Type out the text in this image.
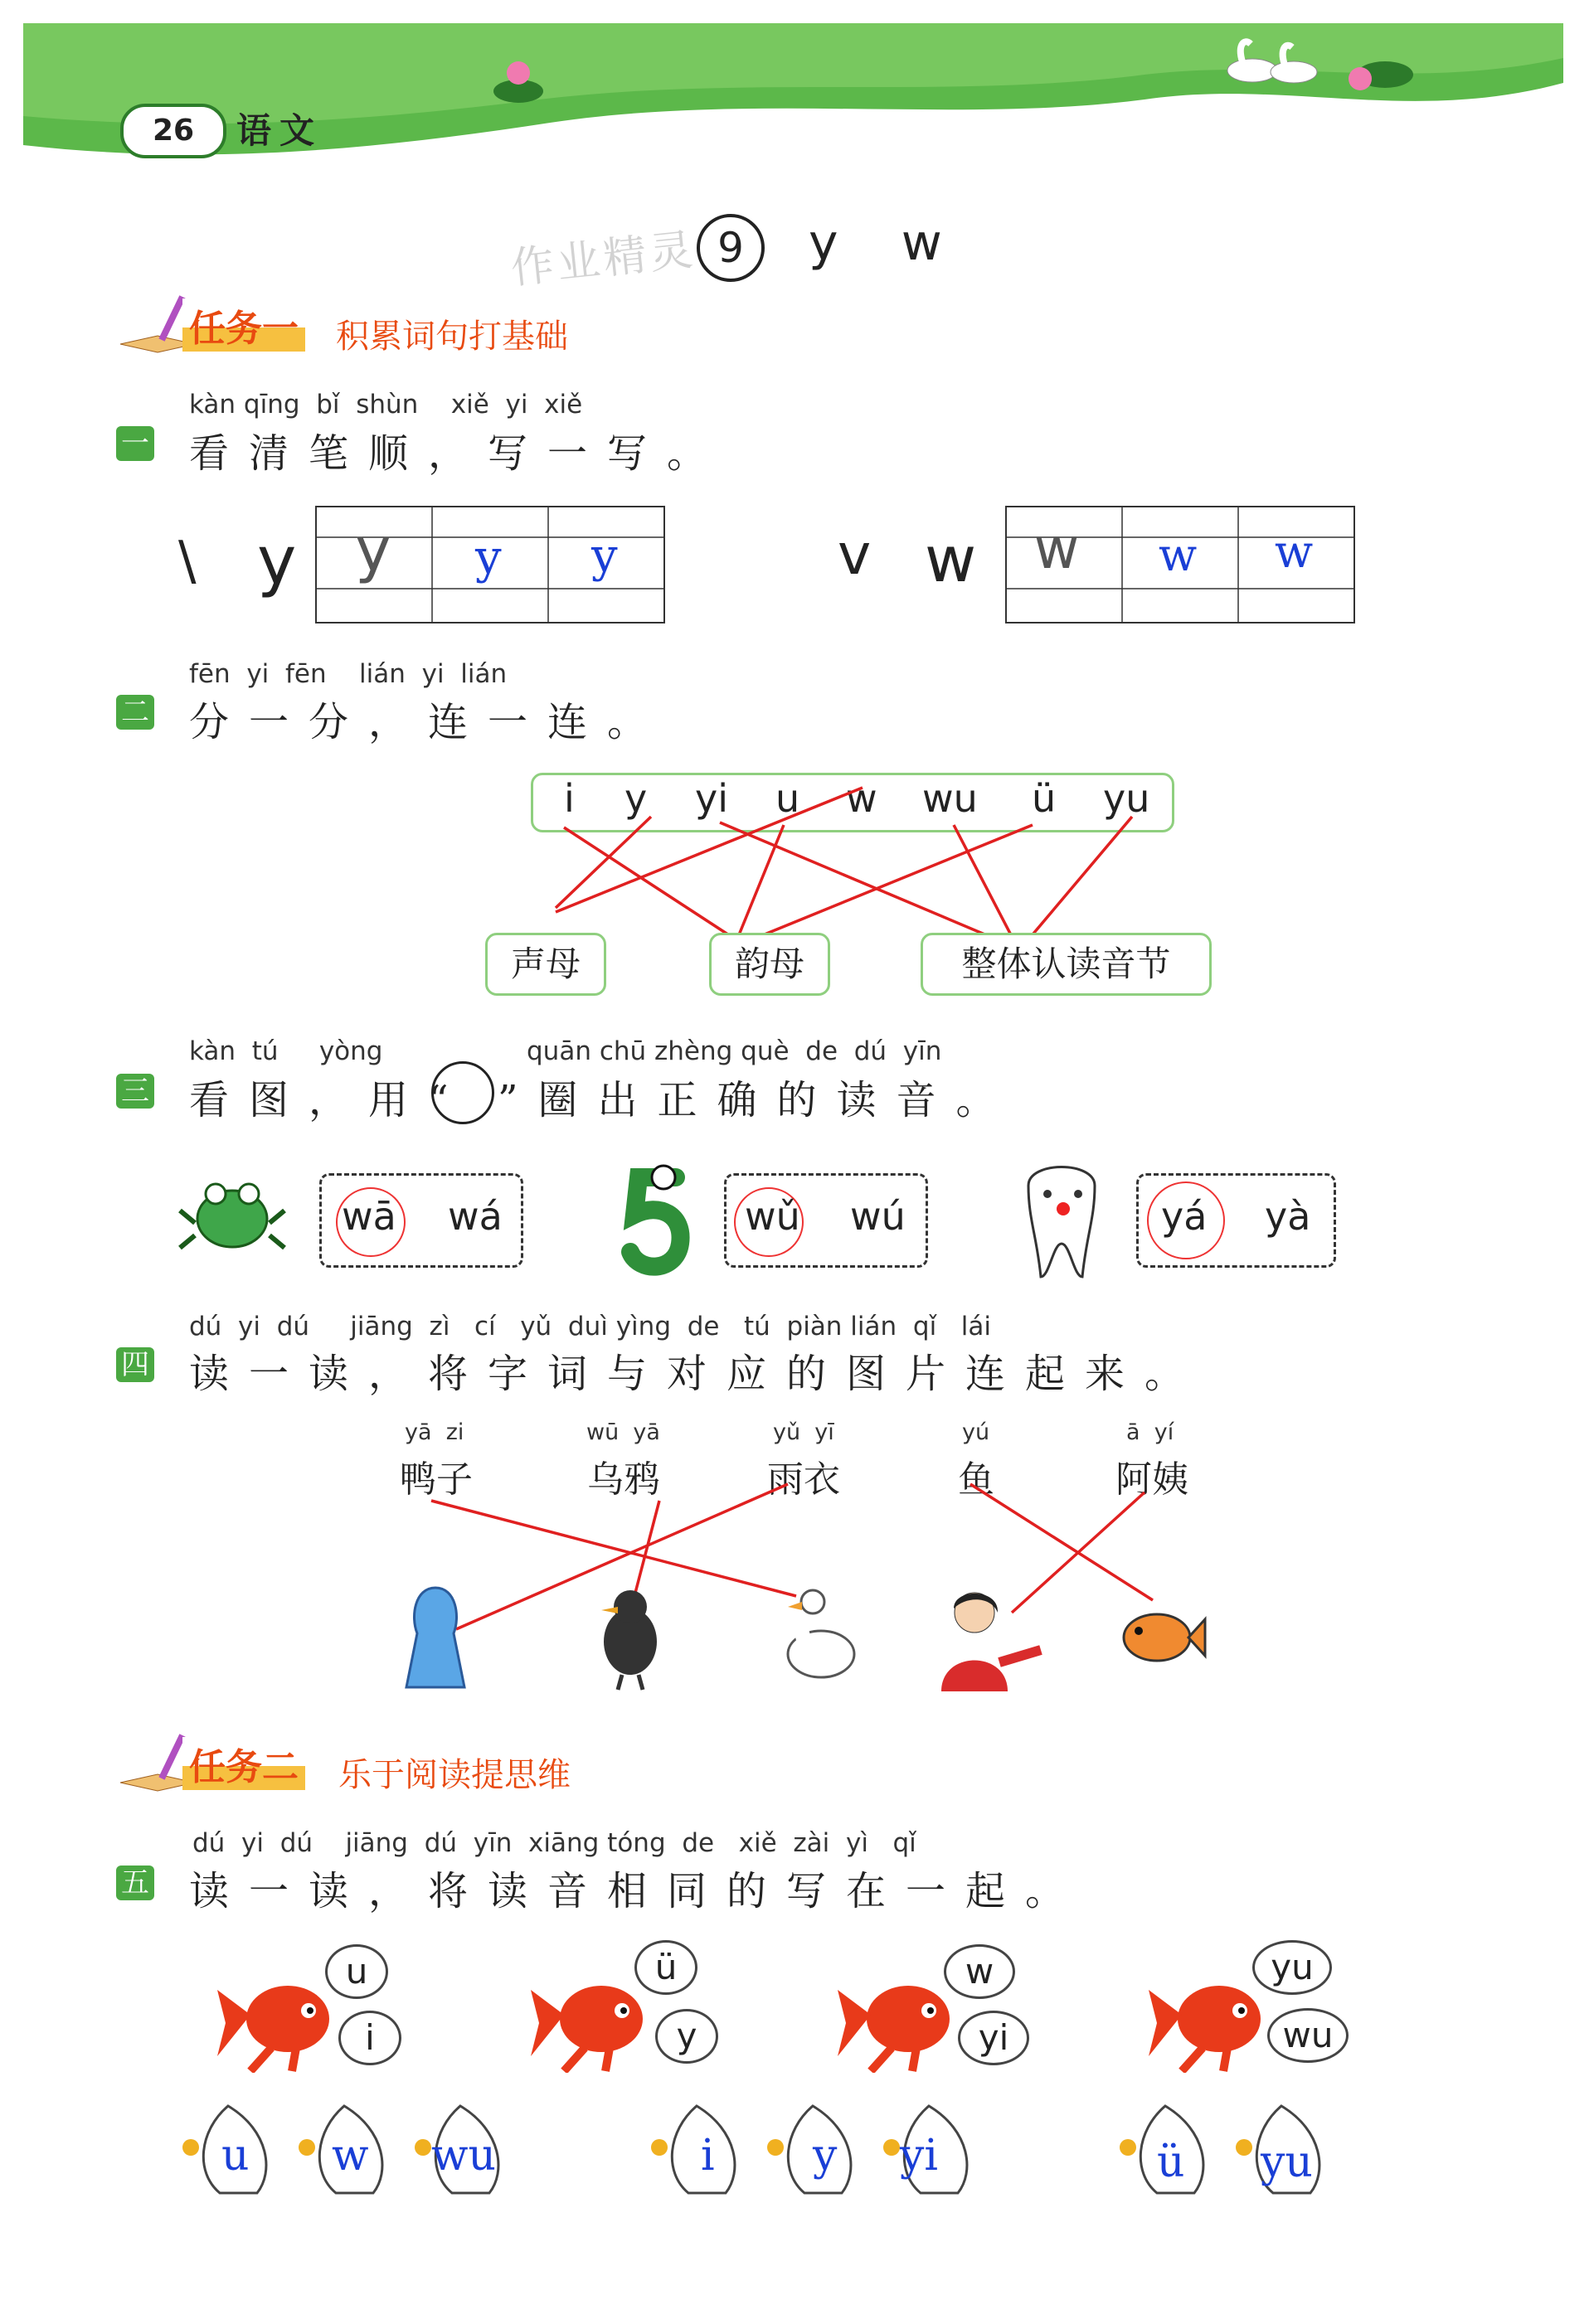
26	语文
作业精灵 9	y    w
任务一 积累词句打基础
kàn qīng  bǐ  shùn    xiě  yi  xiě
一 看清笔顺，写一写。
\ y y y y	v w w w w
fēn  yi  fēn    lián  yi  lián
二 分一分，连一连。
i y yi u w wu ü yu
声母	韵母	整体认读音节
kàn  tú     yòng	quān chū zhèng què  de  dú  yīn
三 看图，用“ ”圈出正确的读音。
wā wá	wǔ wú	yá yà
dú  yi  dú     jiāng  zì   cí   yǔ  duì yìng  de   tú  piàn lián  qǐ   lái
四 读一读，将字词与对应的图片连起来。
yā  zi
鸭子
wū  yā
乌鸦
yǔ  yī
雨衣
yú
鱼
ā  yí
阿姨
任务二 乐于阅读提思维
dú  yi  dú    jiāng  dú  yīn  xiāng tóng  de   xiě  zài  yì   qǐ
五 读一读，将读音相同的写在一起。
u
i
ü
y
w
yi
yu
wu
u w wu	i y yi	ü yu
